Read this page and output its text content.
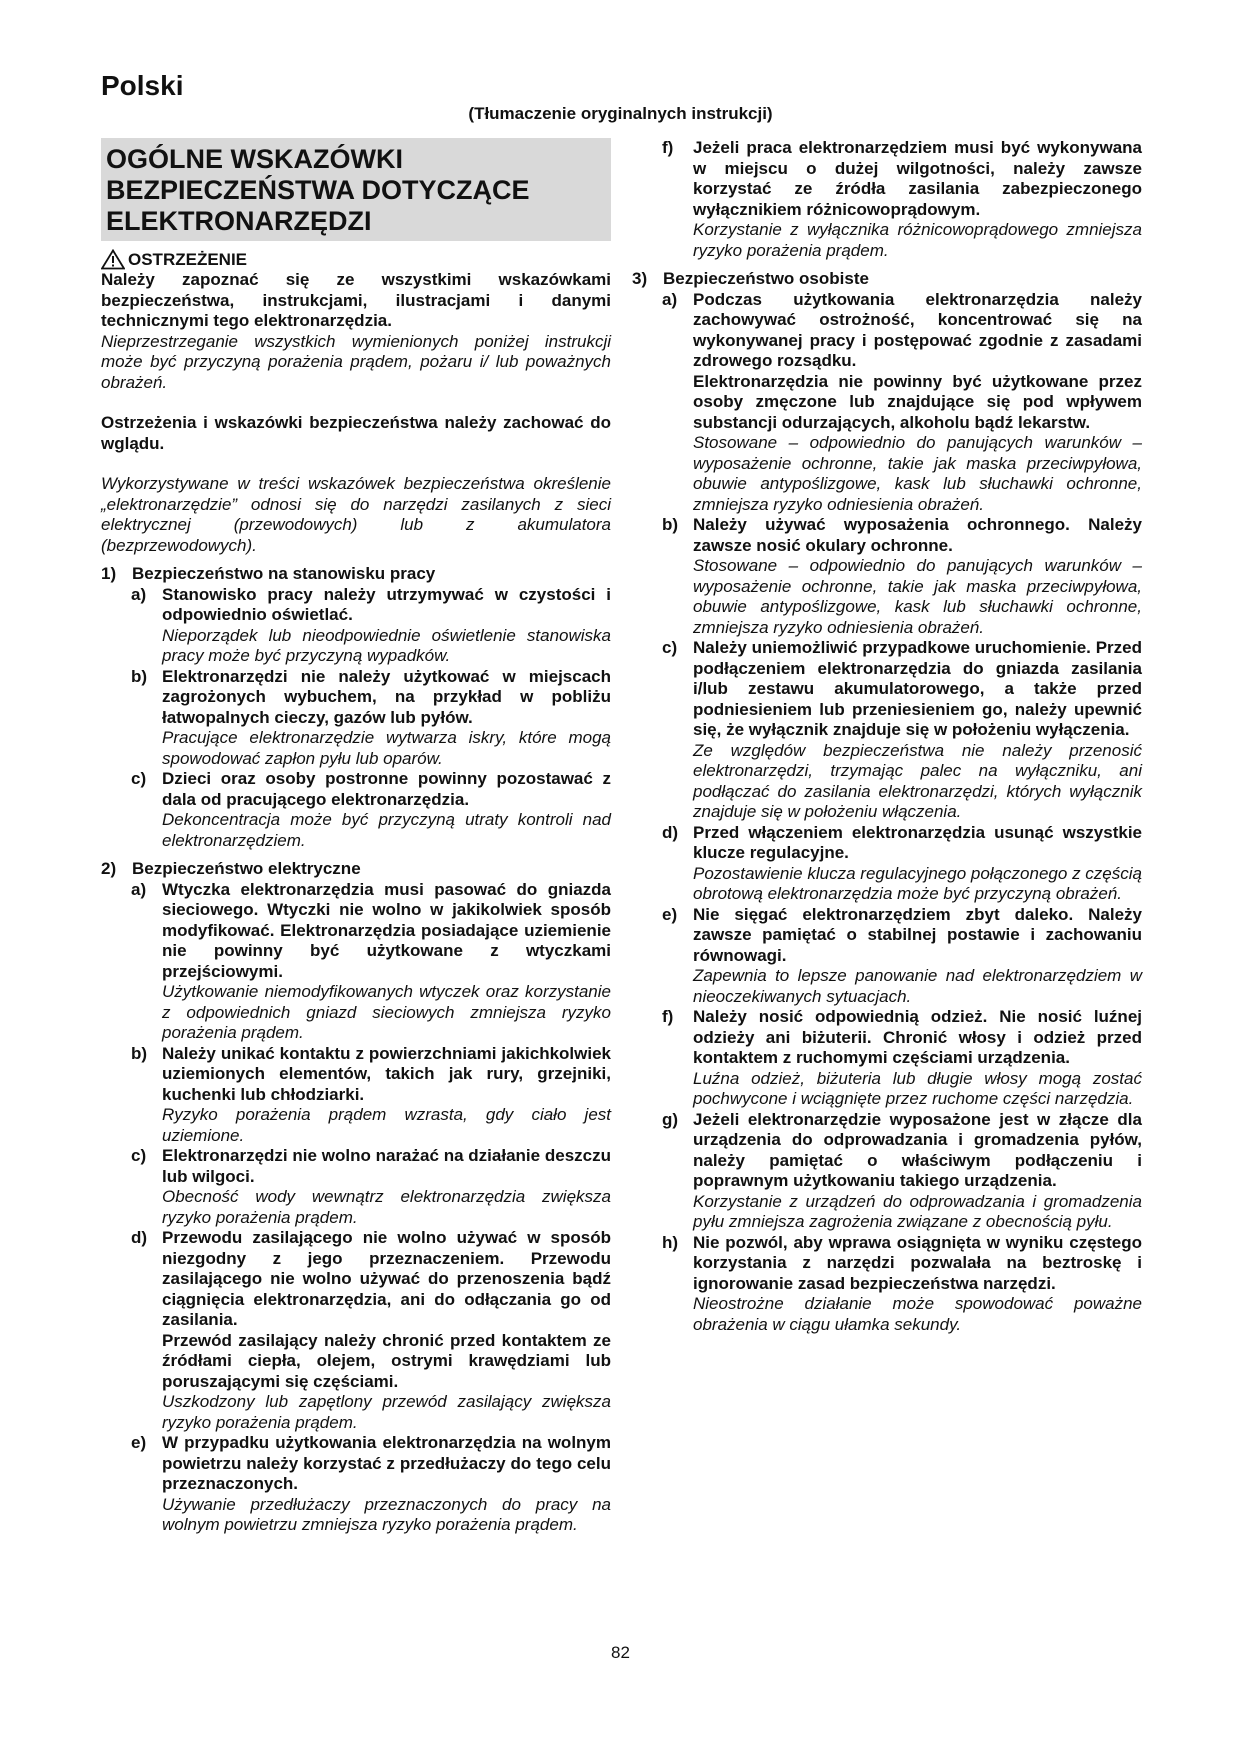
Polski
(Tłumaczenie oryginalnych instrukcji)
OGÓLNE WSKAZÓWKI BEZPIECZEŃSTWA DOTYCZĄCE ELEKTRONARZĘDZI
OSTRZEŻENIE

Należy zapoznać się ze wszystkimi wskazówkami bezpieczeństwa, instrukcjami, ilustracjami i danymi technicznymi tego elektronarzędzia.

Nieprzestrzeganie wszystkich wymienionych poniżej instrukcji może być przyczyną porażenia prądem, pożaru i/ lub poważnych obrażeń.

Ostrzeżenia i wskazówki bezpieczeństwa należy zachować do wglądu.

Wykorzystywane w treści wskazówek bezpieczeństwa określenie „elektronarzędzie” odnosi się do narzędzi zasilanych z sieci elektrycznej (przewodowych) lub z akumulatora (bezprzewodowych).

1) Bezpieczeństwo na stanowisku pracy
a) Stanowisko pracy należy utrzymywać w czystości i odpowiednio oświetlać.

Nieporządek lub nieodpowiednie oświetlenie stanowiska pracy może być przyczyną wypadków.

b) Elektronarzędzi nie należy użytkować w miejscach zagrożonych wybuchem, na przykład w pobliżu łatwopalnych cieczy, gazów lub pyłów.

Pracujące elektronarzędzie wytwarza iskry, które mogą spowodować zapłon pyłu lub oparów.

c) Dzieci oraz osoby postronne powinny pozostawać z dala od pracującego elektronarzędzia.

Dekoncentracja może być przyczyną utraty kontroli nad elektronarzędziem.

2) Bezpieczeństwo elektryczne
a) Wtyczka elektronarzędzia musi pasować do gniazda sieciowego. Wtyczki nie wolno w jakikolwiek sposób modyfikować. Elektronarzędzia posiadające uziemienie nie powinny być użytkowane z wtyczkami przejściowymi.

Użytkowanie niemodyfikowanych wtyczek oraz korzystanie z odpowiednich gniazd sieciowych zmniejsza ryzyko porażenia prądem.

b) Należy unikać kontaktu z powierzchniami jakichkolwiek uziemionych elementów, takich jak rury, grzejniki, kuchenki lub chłodziarki.

Ryzyko porażenia prądem wzrasta, gdy ciało jest uziemione.

c) Elektronarzędzi nie wolno narażać na działanie deszczu lub wilgoci.

Obecność wody wewnątrz elektronarzędzia zwiększa ryzyko porażenia prądem.

d) Przewodu zasilającego nie wolno używać w sposób niezgodny z jego przeznaczeniem. Przewodu zasilającego nie wolno używać do przenoszenia bądź ciągnięcia elektronarzędzia, ani do odłączania go od zasilania.

Przewód zasilający należy chronić przed kontaktem ze źródłami ciepła, olejem, ostrymi krawędziami lub poruszającymi się częściami.

Uszkodzony lub zapętlony przewód zasilający zwiększa ryzyko porażenia prądem.

e) W przypadku użytkowania elektronarzędzia na wolnym powietrzu należy korzystać z przedłużaczy do tego celu przeznaczonych.

Używanie przedłużaczy przeznaczonych do pracy na wolnym powietrzu zmniejsza ryzyko porażenia prądem.

f)	Jeżeli praca elektronarzędziem musi być wykonywana w miejscu o dużej wilgotności, należy zawsze korzystać ze źródła zasilania zabezpieczonego wyłącznikiem różnicowoprądowym.

Korzystanie z wyłącznika różnicowoprądowego zmniejsza ryzyko porażenia prądem.

3) Bezpieczeństwo osobiste
a) Podczas użytkowania elektronarzędzia należy zachowywać ostrożność, koncentrować się na wykonywanej pracy i postępować zgodnie z zasadami zdrowego rozsądku.

Elektronarzędzia nie powinny być użytkowane przez osoby zmęczone lub znajdujące się pod wpływem substancji odurzających, alkoholu bądź lekarstw.

Stosowane – odpowiednio do panujących warunków – wyposażenie ochronne, takie jak maska przeciwpyłowa, obuwie antypoślizgowe, kask lub słuchawki ochronne, zmniejsza ryzyko odniesienia obrażeń.

b) Należy używać wyposażenia ochronnego. Należy zawsze nosić okulary ochronne.

Stosowane – odpowiednio do panujących warunków – wyposażenie ochronne, takie jak maska przeciwpyłowa, obuwie antypoślizgowe, kask lub słuchawki ochronne, zmniejsza ryzyko odniesienia obrażeń.

c) Należy uniemożliwić przypadkowe uruchomienie. Przed podłączeniem elektronarzędzia do gniazda zasilania i/lub zestawu akumulatorowego, a także przed podniesieniem lub przeniesieniem go, należy upewnić się, że wyłącznik znajduje się w położeniu wyłączenia.

Ze względów bezpieczeństwa nie należy przenosić elektronarzędzi, trzymając palec na wyłączniku, ani podłączać do zasilania elektronarzędzi, których wyłącznik znajduje się w położeniu włączenia.

d) Przed włączeniem elektronarzędzia usunąć wszystkie klucze regulacyjne.

Pozostawienie klucza regulacyjnego połączonego z częścią obrotową elektronarzędzia może być przyczyną obrażeń.

e) Nie sięgać elektronarzędziem zbyt daleko. Należy zawsze pamiętać o stabilnej postawie i zachowaniu równowagi.

Zapewnia to lepsze panowanie nad elektronarzędziem w nieoczekiwanych sytuacjach.

f)	Należy nosić odpowiednią odzież. Nie nosić luźnej odzieży ani biżuterii. Chronić włosy i odzież przed kontaktem z ruchomymi częściami urządzenia.

Luźna odzież, biżuteria lub długie włosy mogą zostać pochwycone i wciągnięte przez ruchome części narzędzia.

g) Jeżeli elektronarzędzie wyposażone jest w złącze dla urządzenia do odprowadzania i gromadzenia pyłów, należy pamiętać o właściwym podłączeniu i poprawnym użytkowaniu takiego urządzenia.

Korzystanie z urządzeń do odprowadzania i gromadzenia pyłu zmniejsza zagrożenia związane z obecnością pyłu.

h) Nie pozwól, aby wprawa osiągnięta w wyniku częstego korzystania z narzędzi pozwalała na beztroskę i ignorowanie zasad bezpieczeństwa narzędzi.

Nieostrożne działanie może spowodować poważne obrażenia w ciągu ułamka sekundy.

82
